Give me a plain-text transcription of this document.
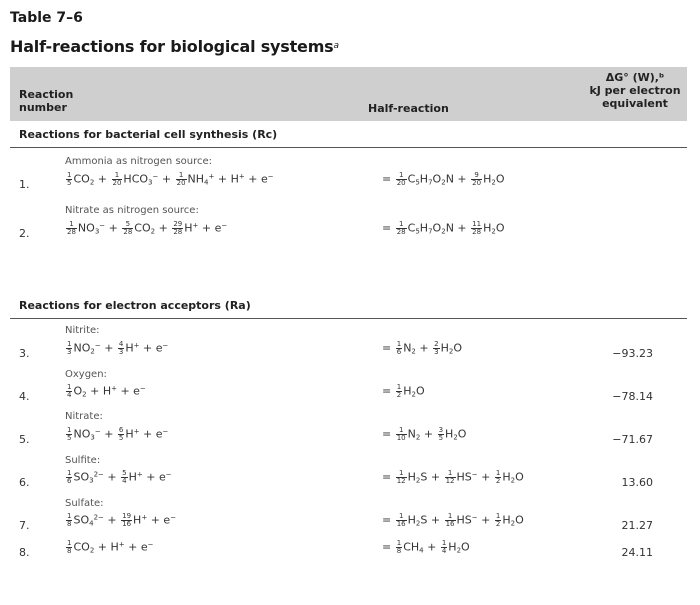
Table 7–6
Half-reactions for biological systems$^a$
Reaction
number	Half-reaction
ΔG° (W),ᵇ
kJ per electron
equivalent
Reactions for bacterial cell synthesis (Rc)
Ammonia as nitrogen source:
1.	$\frac{1}{5} CO_2 + \frac{1}{20} HCO_3^- + \frac{1}{20} NH_4^+ + H^+ + e^-$	= $\frac{1}{20} C_5H_7O_2N + \frac{9}{20} H_2O$
Nitrate as nitrogen source:
2.	$\frac{1}{28} NO_3^- + \frac{5}{28} CO_2 + \frac{29}{28} H^+ + e^-$	= $\frac{1}{28} C_5H_7O_2N + \frac{11}{28} H_2O$
Reactions for electron acceptors (Ra)
Nitrite:
3.	$\frac{1}{3} NO_2^- + \frac{4}{3} H^+ + e^-$	= $\frac{1}{6} N_2 + \frac{2}{3} H_2O$	−93.23
Oxygen:
4.	$\frac{1}{4} O_2 + H^+ + e^-$	= $\frac{1}{2} H_2O$	−78.14
Nitrate:
5.	$\frac{1}{5} NO_3^- + \frac{6}{5} H^+ + e^-$	= $\frac{1}{10} N_2 + \frac{3}{5} H_2O$	−71.67
Sulfite:
6.	$\frac{1}{6} SO_3^{2-} + \frac{5}{4} H^+ + e^-$	= $\frac{1}{12} H_2S + \frac{1}{12} HS^- + \frac{1}{2} H_2O$	13.60
Sulfate:
7.	$\frac{1}{8} SO_4^{2-} + \frac{19}{16} H^+ + e^-$	= $\frac{1}{16} H_2S + \frac{1}{16} HS^- + \frac{1}{2} H_2O$	21.27
8.	$\frac{1}{8} CO_2 + H^+ + e^-$	= $\frac{1}{8} CH_4 + \frac{1}{4} H_2O$	24.11
